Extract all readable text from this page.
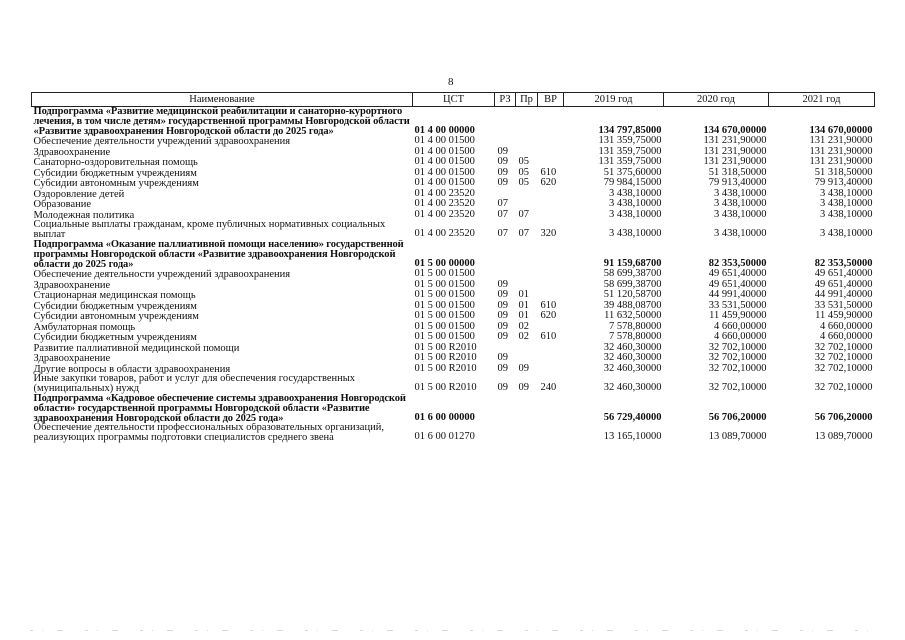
8
Наименование	ЦСТ	РЗ	Пр	ВР	2019 год	2020 год	2021 год
Подпрограмма «Развитие медицинской реабилитации и санаторно-курортного лечения, в том числе детям» государственной программы Новгородской области «Развитие здравоохранения Новгородской области до 2025 года»	01 4 00 00000				134 797,85000	134 670,00000	134 670,00000
Обеспечение деятельности учреждений здравоохранения	01 4 00 01500				131 359,75000	131 231,90000	131 231,90000
Здравоохранение	01 4 00 01500	09			131 359,75000	131 231,90000	131 231,90000
Санаторно-оздоровительная помощь	01 4 00 01500	09	05		131 359,75000	131 231,90000	131 231,90000
Субсидии бюджетным учреждениям	01 4 00 01500	09	05	610	51 375,60000	51 318,50000	51 318,50000
Субсидии автономным учреждениям	01 4 00 01500	09	05	620	79 984,15000	79 913,40000	79 913,40000
Оздоровление детей	01 4 00 23520				3 438,10000	3 438,10000	3 438,10000
Образование	01 4 00 23520	07			3 438,10000	3 438,10000	3 438,10000
Молодежная политика	01 4 00 23520	07	07		3 438,10000	3 438,10000	3 438,10000
Социальные выплаты гражданам, кроме публичных нормативных социальных выплат	01 4 00 23520	07	07	320	3 438,10000	3 438,10000	3 438,10000
Подпрограмма «Оказание паллиативной помощи населению» государственной программы Новгородской области «Развитие здравоохранения Новгородской области до 2025 года»	01 5 00 00000				91 159,68700	82 353,50000	82 353,50000
Обеспечение деятельности учреждений здравоохранения	01 5 00 01500				58 699,38700	49 651,40000	49 651,40000
Здравоохранение	01 5 00 01500	09			58 699,38700	49 651,40000	49 651,40000
Стационарная медицинская помощь	01 5 00 01500	09	01		51 120,58700	44 991,40000	44 991,40000
Субсидии бюджетным учреждениям	01 5 00 01500	09	01	610	39 488,08700	33 531,50000	33 531,50000
Субсидии автономным учреждениям	01 5 00 01500	09	01	620	11 632,50000	11 459,90000	11 459,90000
Амбулаторная помощь	01 5 00 01500	09	02		7 578,80000	4 660,00000	4 660,00000
Субсидии бюджетным учреждениям	01 5 00 01500	09	02	610	7 578,80000	4 660,00000	4 660,00000
Развитие паллиативной медицинской помощи	01 5 00 R2010				32 460,30000	32 702,10000	32 702,10000
Здравоохранение	01 5 00 R2010	09			32 460,30000	32 702,10000	32 702,10000
Другие вопросы в области здравоохранения	01 5 00 R2010	09	09		32 460,30000	32 702,10000	32 702,10000
Иные закупки товаров, работ и услуг для обеспечения государственных (муниципальных) нужд	01 5 00 R2010	09	09	240	32 460,30000	32 702,10000	32 702,10000
Подпрограмма «Кадровое обеспечение системы здравоохранения Новгородской области» государственной программы Новгородской области «Развитие здравоохранения Новгородской области до 2025 года»	01 6 00 00000				56 729,40000	56 706,20000	56 706,20000
Обеспечение деятельности профессиональных образовательных организаций, реализующих программы подготовки специалистов среднего звена	01 6 00 01270				13 165,10000	13 089,70000	13 089,70000
